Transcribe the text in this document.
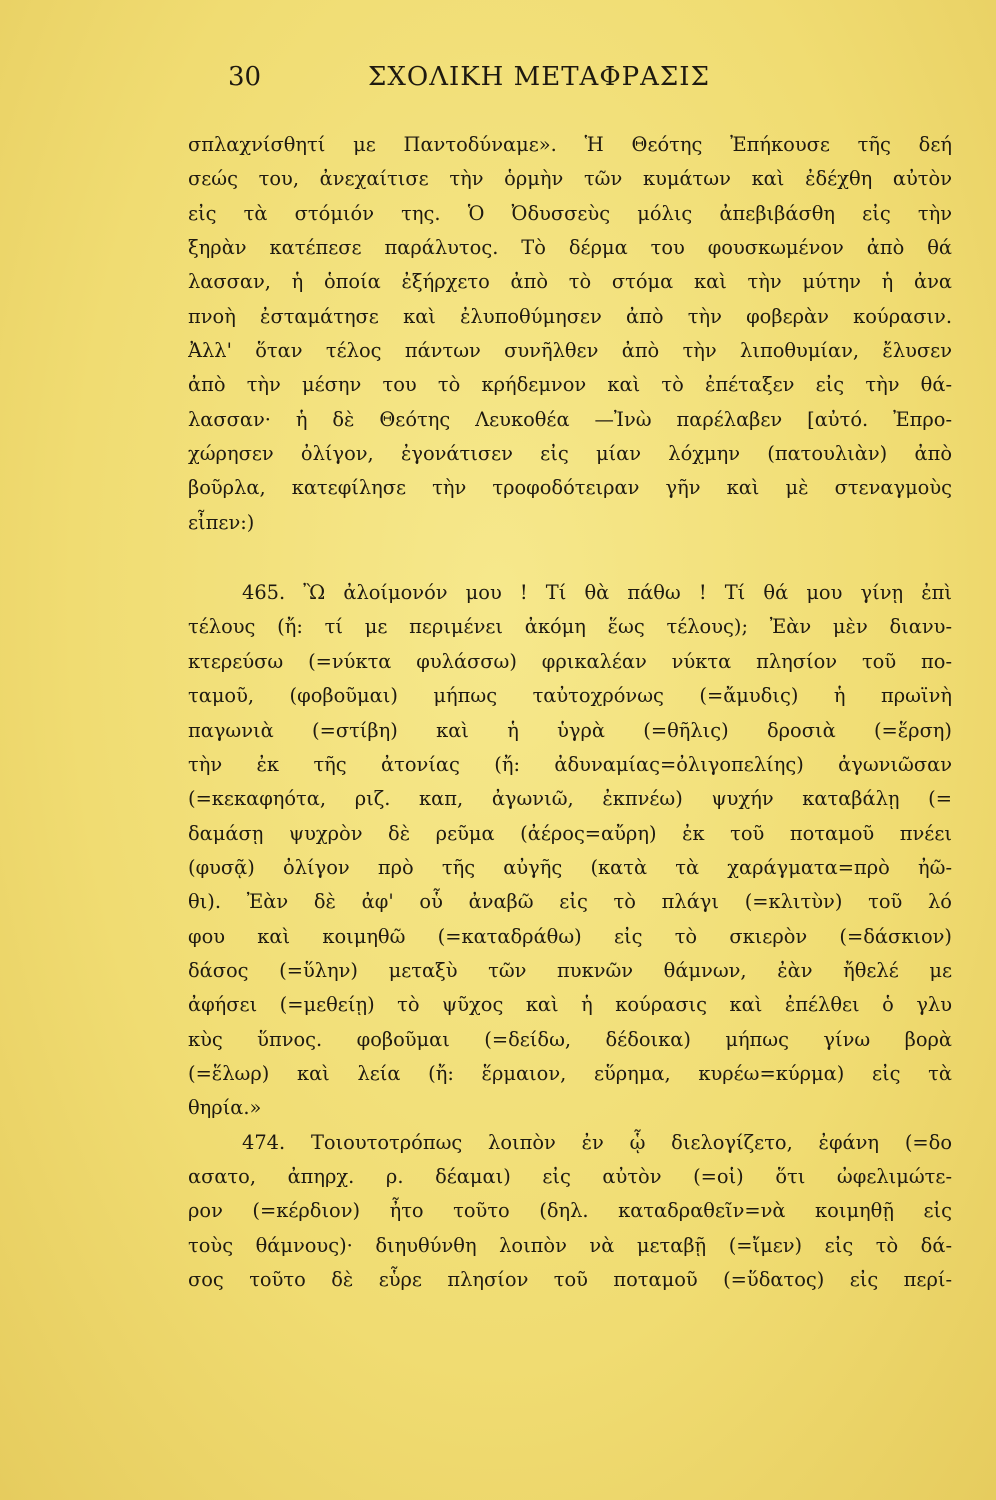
30	ΣΧΟΛΙΚΗ ΜΕΤΑΦΡΑΣΙΣ
σπλαχνίσθητί με Παντοδύναμε». Ἡ Θεότης Ἐπήκουσε τῆς δεή
σεώς του, ἀνεχαίτισε τὴν ὁρμὴν τῶν κυμάτων καὶ ἐδέχθη αὐτὸν
εἰς τὰ στόμιόν της. Ὁ Ὀδυσσεὺς μόλις ἀπεβιβάσθη εἰς τὴν
ξηρὰν κατέπεσε παράλυτος. Τὸ δέρμα του φουσκωμένον ἀπὸ θά
λασσαν, ἡ ὁποία ἐξήρχετο ἀπὸ τὸ στόμα καὶ τὴν μύτην ἡ ἀνα
πνοὴ ἐσταμάτησε καὶ ἐλυποθύμησεν ἀπὸ τὴν φοβερὰν κούρασιν.
Ἀλλ' ὅταν τέλος πάντων συνῆλθεν ἀπὸ τὴν λιποθυμίαν, ἔλυσεν
ἀπὸ τὴν μέσην του τὸ κρήδεμνον καὶ τὸ ἐπέταξεν εἰς τὴν θά-
λασσαν· ἡ δὲ Θεότης Λευκοθέα —Ἰνὼ παρέλαβεν [αὐτό. Ἐπρο-
χώρησεν ὀλίγον, ἐγονάτισεν εἰς μίαν λόχμην (πατουλιὰν) ἀπὸ
βοῦρλα, κατεφίλησε τὴν τροφοδότειραν γῆν καὶ μὲ στεναγμοὺς
εἶπεν:)
465. Ὢ ἀλοίμονόν μου ! Τί θὰ πάθω ! Τί θά μου γίνῃ ἐπὶ
τέλους (ἤ: τί με περιμένει ἀκόμη ἕως τέλους); Ἐὰν μὲν διανυ-
κτερεύσω (=νύκτα φυλάσσω) φρικαλέαν νύκτα πλησίον τοῦ πο-
ταμοῦ, (φοβοῦμαι) μήπως ταὐτοχρόνως (=ἄμυδις) ἡ πρωϊνὴ
παγωνιὰ (=στίβη) καὶ ἡ ὑγρὰ (=θῆλις) δροσιὰ (=ἕρση)
τὴν ἐκ τῆς ἀτονίας (ἤ: ἀδυναμίας=ὀλιγοπελίης) ἀγωνιῶσαν
(=κεκαφηότα, ριζ. καπ, ἀγωνιῶ, ἐκπνέω) ψυχήν καταβάλῃ (=
δαμάσῃ ψυχρὸν δὲ ρεῦμα (ἀέρος=αὔρη) ἐκ τοῦ ποταμοῦ πνέει
(φυσᾷ) ὀλίγον πρὸ τῆς αὐγῆς (κατὰ τὰ χαράγματα=πρὸ ἠῶ-
θι). Ἐὰν δὲ ἀφ' οὗ ἀναβῶ εἰς τὸ πλάγι (=κλιτὺν) τοῦ λό
φου καὶ κοιμηθῶ (=καταδράθω) εἰς τὸ σκιερὸν (=δάσκιον)
δάσος (=ὕλην) μεταξὺ τῶν πυκνῶν θάμνων, ἐὰν ἤθελέ με
ἀφήσει (=μεθείῃ) τὸ ψῦχος καὶ ἡ κούρασις καὶ ἐπέλθει ὁ γλυ
κὺς ὕπνος. φοβοῦμαι (=δείδω, δέδοικα) μήπως γίνω βορὰ
(=ἕλωρ) καὶ λεία (ἤ: ἕρμαιον, εὕρημα, κυρέω=κύρμα) εἰς τὰ
θηρία.»
474. Τοιουτοτρόπως λοιπὸν ἐν ᾧ διελογίζετο, ἐφάνη (=δο
ασατο, ἀπηρχ. ρ. δέαμαι) εἰς αὐτὸν (=οἱ) ὅτι ὠφελιμώτε-
ρον (=κέρδιον) ἦτο τοῦτο (δηλ. καταδραθεῖν=νὰ κοιμηθῇ εἰς
τοὺς θάμνους)· διηυθύνθη λοιπὸν νὰ μεταβῇ (=ἴμεν) εἰς τὸ δά-
σος τοῦτο δὲ εὗρε πλησίον τοῦ ποταμοῦ (=ὕδατος) εἰς περί-
